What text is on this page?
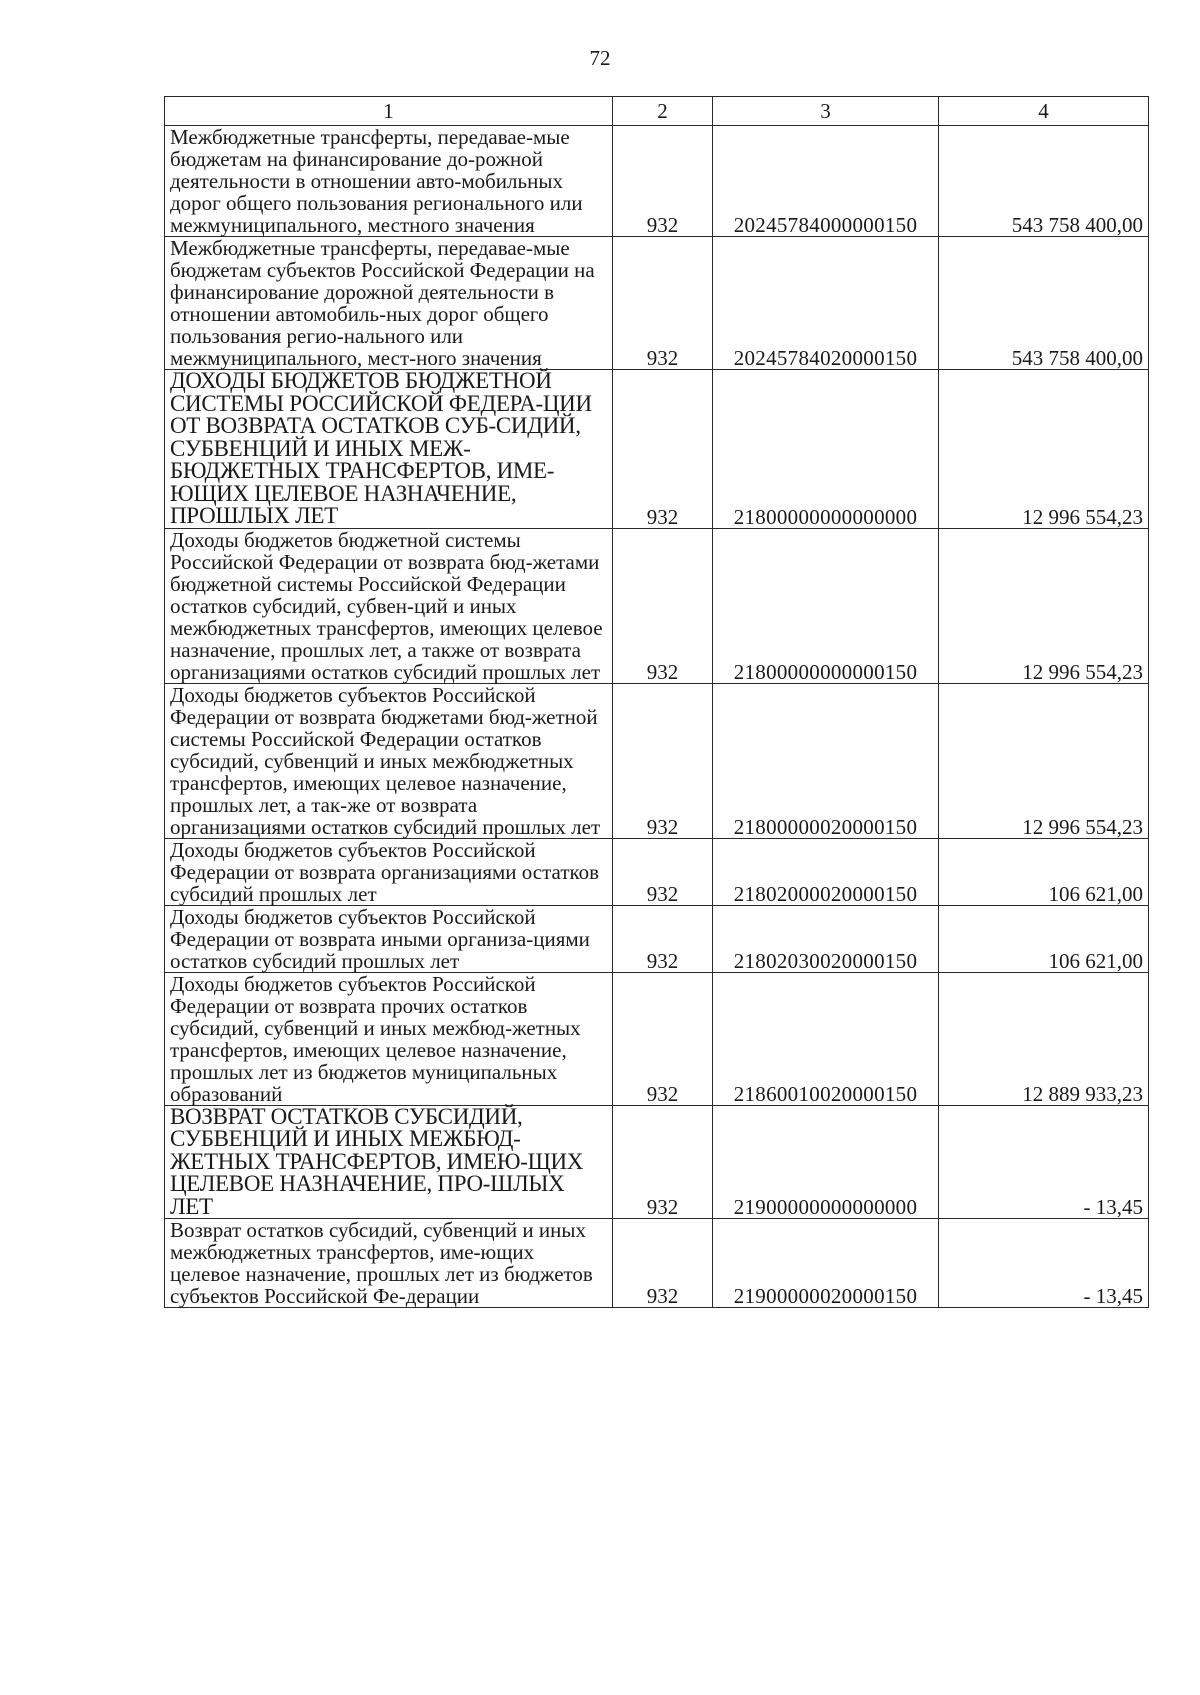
72
1	2	3	4
Межбюджетные трансферты, передавае-мые бюджетам на финансирование до-рожной деятельности в отношении авто-мобильных дорог общего пользования регионального или межмуниципального, местного значения	932	20245784000000150	543 758 400,00
Межбюджетные трансферты, передавае-мые бюджетам субъектов Российской Федерации на финансирование дорожной деятельности в отношении автомобиль-ных дорог общего пользования регио-нального или межмуниципального, мест-ного значения	932	20245784020000150	543 758 400,00
ДОХОДЫ БЮДЖЕТОВ БЮДЖЕТНОЙ СИСТЕМЫ РОССИЙСКОЙ ФЕДЕРА-ЦИИ ОТ ВОЗВРАТА ОСТАТКОВ СУБ-СИДИЙ, СУБВЕНЦИЙ И ИНЫХ МЕЖ-БЮДЖЕТНЫХ ТРАНСФЕРТОВ, ИМЕ-ЮЩИХ ЦЕЛЕВОЕ НАЗНАЧЕНИЕ, ПРОШЛЫХ ЛЕТ	932	21800000000000000	12 996 554,23
Доходы бюджетов бюджетной системы Российской Федерации от возврата бюд-жетами бюджетной системы Российской Федерации остатков субсидий, субвен-ций и иных межбюджетных трансфертов, имеющих целевое назначение, прошлых лет, а также от возврата организациями остатков субсидий прошлых лет	932	21800000000000150	12 996 554,23
Доходы бюджетов субъектов Российской Федерации от возврата бюджетами бюд-жетной системы Российской Федерации остатков субсидий, субвенций и иных межбюджетных трансфертов, имеющих целевое назначение, прошлых лет, а так-же от возврата организациями остатков субсидий прошлых лет	932	21800000020000150	12 996 554,23
Доходы бюджетов субъектов Российской Федерации от возврата организациями остатков субсидий прошлых лет	932	21802000020000150	106 621,00
Доходы бюджетов субъектов Российской Федерации от возврата иными организа-циями остатков субсидий прошлых лет	932	21802030020000150	106 621,00
Доходы бюджетов субъектов Российской Федерации от возврата прочих остатков субсидий, субвенций и иных межбюд-жетных трансфертов, имеющих целевое назначение, прошлых лет из бюджетов муниципальных образований	932	21860010020000150	12 889 933,23
ВОЗВРАТ ОСТАТКОВ СУБСИДИЙ, СУБВЕНЦИЙ И ИНЫХ МЕЖБЮД-ЖЕТНЫХ ТРАНСФЕРТОВ, ИМЕЮ-ЩИХ ЦЕЛЕВОЕ НАЗНАЧЕНИЕ, ПРО-ШЛЫХ ЛЕТ	932	21900000000000000	- 13,45
Возврат остатков субсидий, субвенций и иных межбюджетных трансфертов, име-ющих целевое назначение, прошлых лет из бюджетов субъектов Российской Фе-дерации	932	21900000020000150	- 13,45
